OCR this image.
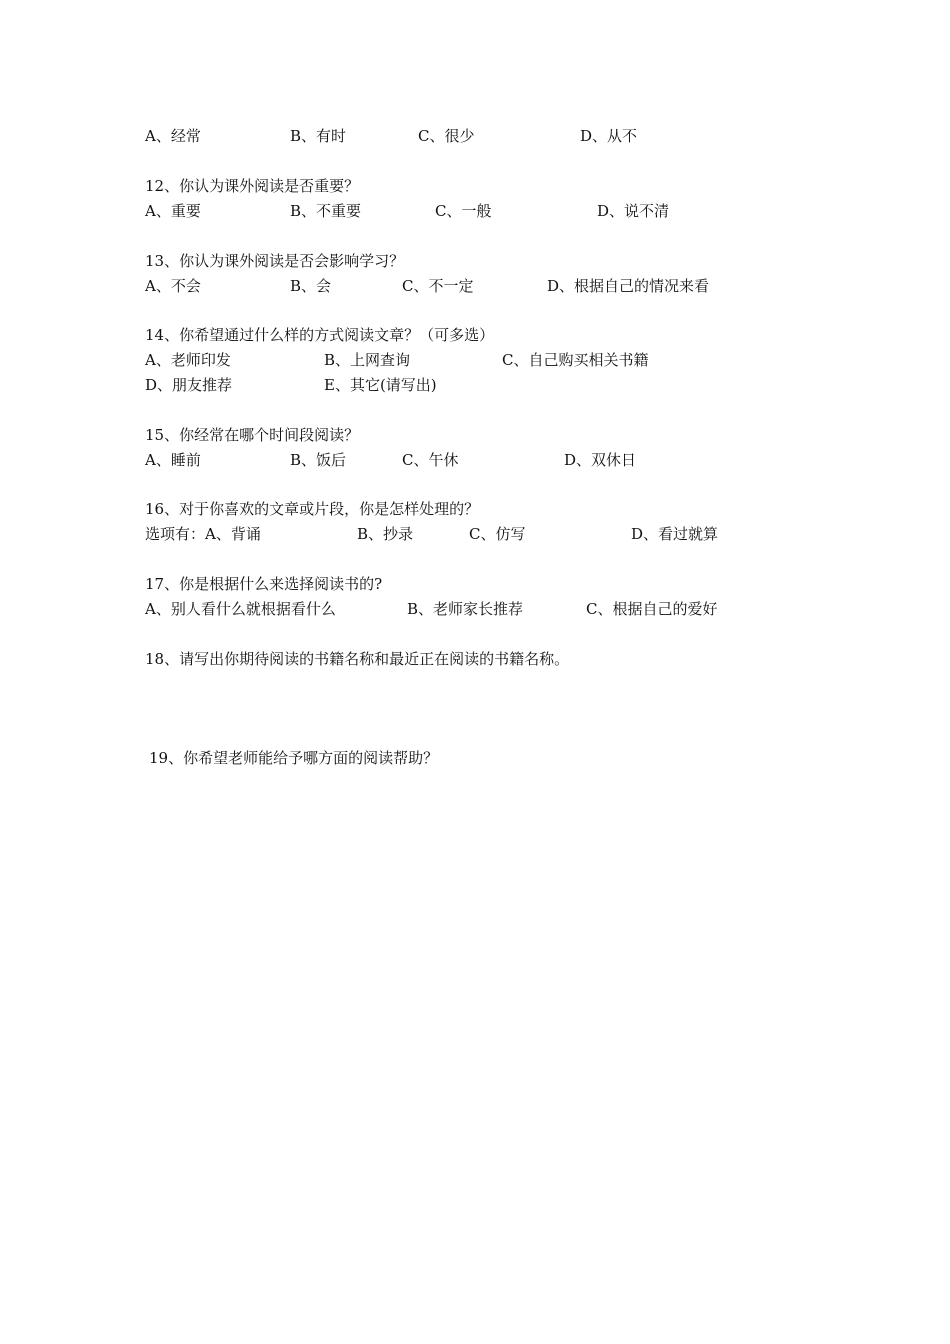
A、经常	B、有时	C、很少	D、从不
12、你认为课外阅读是否重要？
A、重要	B、不重要	C、一般	D、说不清
13、你认为课外阅读是否会影响学习？
A、不会	B、会	C、不一定	D、根据自己的情况来看
14、你希望通过什么样的方式阅读文章？（可多选）
A、老师印发	B、上网查询	C、自己购买相关书籍
D、朋友推荐	E、其它(请写出)
15、你经常在哪个时间段阅读？
A、睡前	B、饭后	C、午休	D、双休日
16、对于你喜欢的文章或片段，你是怎样处理的？
选项有：A、背诵	B、抄录	C、仿写	D、看过就算
17、你是根据什么来选择阅读书的?
A、别人看什么就根据看什么	B、老师家长推荐	C、根据自己的爱好
18、请写出你期待阅读的书籍名称和最近正在阅读的书籍名称。
19、你希望老师能给予哪方面的阅读帮助？
